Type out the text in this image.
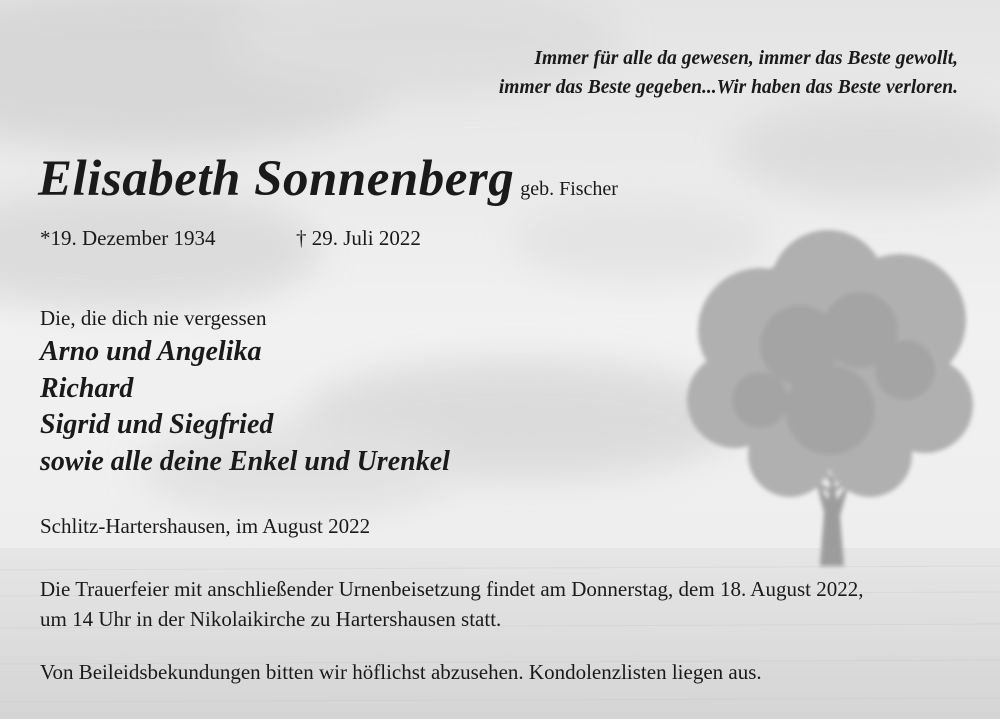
Immer für alle da gewesen, immer das Beste gewollt,
immer das Beste gegeben...Wir haben das Beste verloren.
Elisabeth Sonnenberg geb. Fischer
*19. Dezember 1934	† 29. Juli 2022
Die, die dich nie vergessen
Arno und Angelika
Richard
Sigrid und Siegfried
sowie alle deine Enkel und Urenkel
Schlitz-Hartershausen, im August 2022
Die Trauerfeier mit anschließender Urnenbeisetzung findet am Donnerstag, dem 18. August 2022,
um 14 Uhr in der Nikolaikirche zu Hartershausen statt.
Von Beileidsbekundungen bitten wir höflichst abzusehen. Kondolenzlisten liegen aus.
